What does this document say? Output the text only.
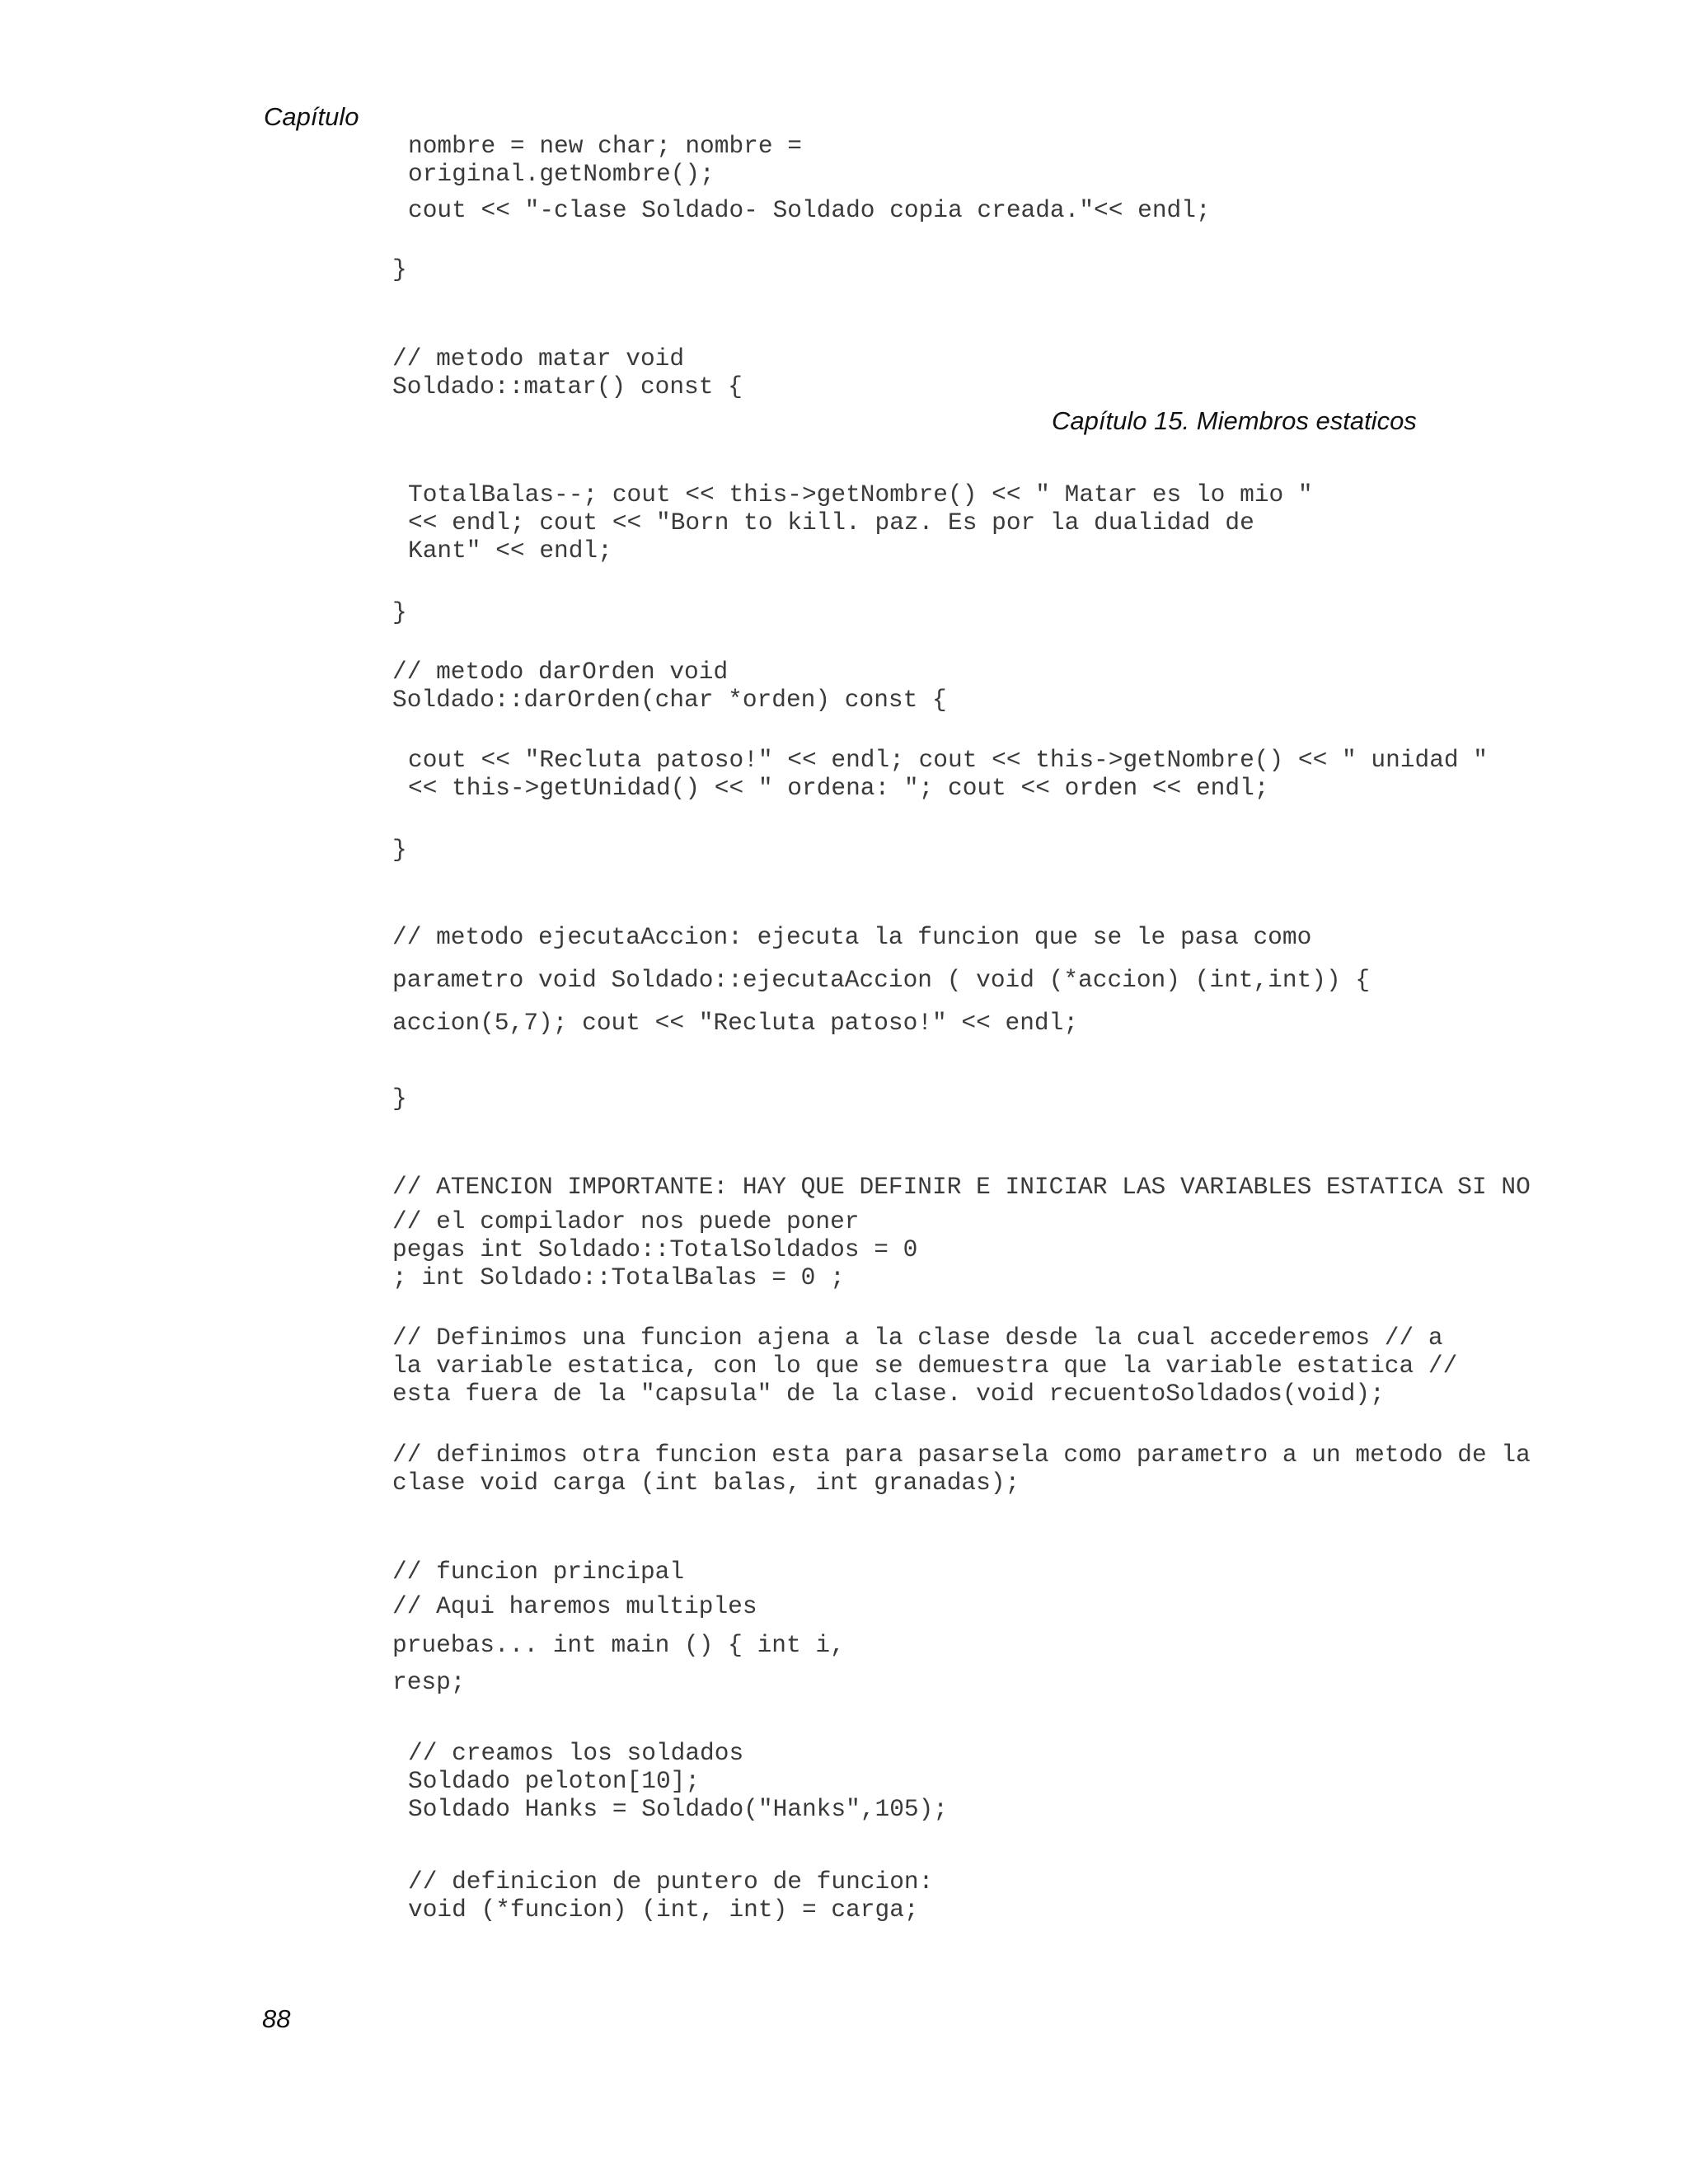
Capítulo
Capítulo 15. Miembros estaticos
88
nombre = new char; nombre =
original.getNombre();
cout << "-clase Soldado- Soldado copia creada."<< endl;
}
// metodo matar void
Soldado::matar() const {
TotalBalas--; cout << this->getNombre() << " Matar es lo mio "
<< endl; cout << "Born to kill. paz. Es por la dualidad de
Kant" << endl;
}
// metodo darOrden void
Soldado::darOrden(char *orden) const {
cout << "Recluta patoso!" << endl; cout << this->getNombre() << " unidad "
<< this->getUnidad() << " ordena: "; cout << orden << endl;
}
// metodo ejecutaAccion: ejecuta la funcion que se le pasa como
parametro void Soldado::ejecutaAccion ( void (*accion) (int,int)) {
accion(5,7); cout << "Recluta patoso!" << endl;
}
// ATENCION IMPORTANTE: HAY QUE DEFINIR E INICIAR LAS VARIABLES ESTATICA SI NO
// el compilador nos puede poner
pegas int Soldado::TotalSoldados = 0
; int Soldado::TotalBalas = 0 ;
// Definimos una funcion ajena a la clase desde la cual accederemos // a
la variable estatica, con lo que se demuestra que la variable estatica //
esta fuera de la "capsula" de la clase. void recuentoSoldados(void);
// definimos otra funcion esta para pasarsela como parametro a un metodo de la
clase void carga (int balas, int granadas);
// funcion principal
// Aqui haremos multiples
pruebas... int main () { int i,
resp;
// creamos los soldados
Soldado peloton[10];
Soldado Hanks = Soldado("Hanks",105);
// definicion de puntero de funcion:
void (*funcion) (int, int) = carga;
